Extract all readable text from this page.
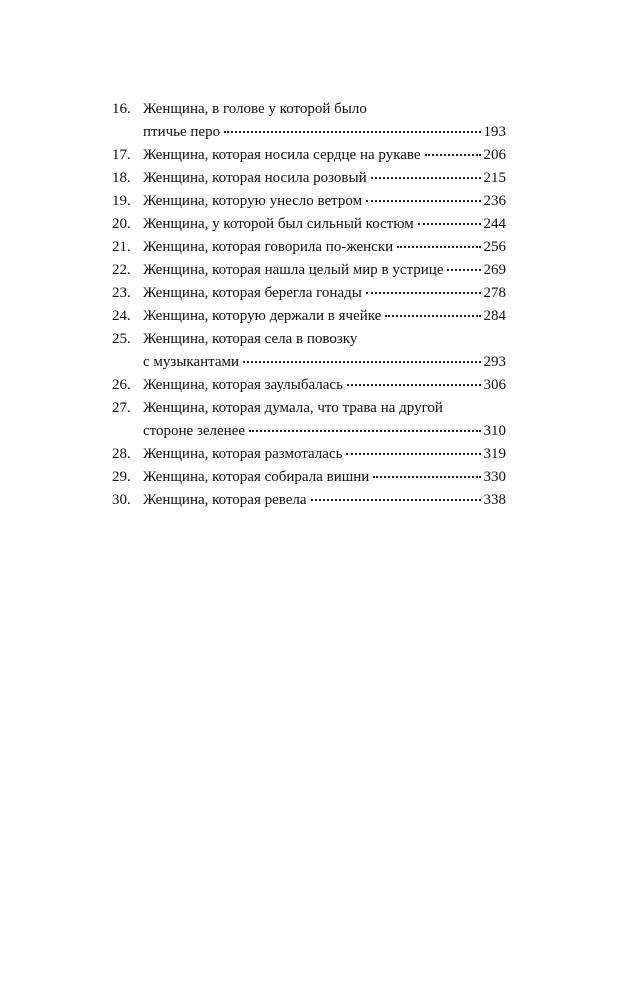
16. Женщина, в голове у которой было
птичье перо	193
17. Женщина, которая носила сердце на рукаве	206
18. Женщина, которая носила розовый	215
19. Женщина, которую унесло ветром	236
20. Женщина, у которой был сильный костюм	244
21. Женщина, которая говорила по-женски	256
22. Женщина, которая нашла целый мир в устрице	269
23. Женщина, которая берегла гонады	278
24. Женщина, которую держали в ячейке	284
25. Женщина, которая села в повозку
с музыкантами	293
26. Женщина, которая заулыбалась	306
27. Женщина, которая думала, что трава на другой
стороне зеленее	310
28. Женщина, которая размоталась	319
29. Женщина, которая собирала вишни	330
30. Женщина, которая ревела	338
